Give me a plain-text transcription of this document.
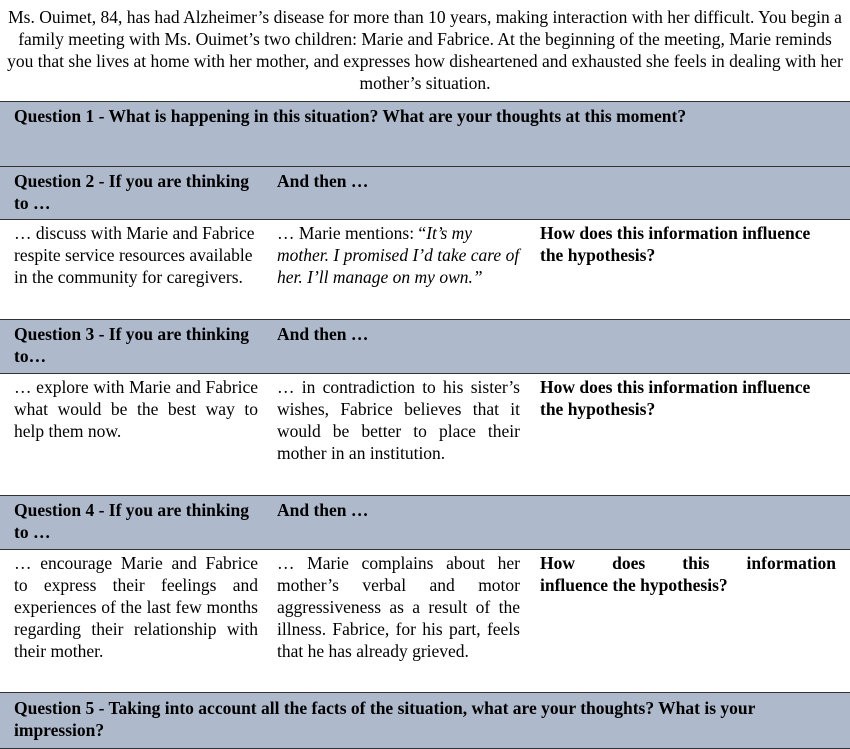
Ms. Ouimet, 84, has had Alzheimer’s disease for more than 10 years, making interaction with her difficult. You begin a family meeting with Ms. Ouimet’s two children: Marie and Fabrice. At the beginning of the meeting, Marie reminds you that she lives at home with her mother, and expresses how disheartened and exhausted she feels in dealing with her mother’s situation.
Question 1 - What is happening in this situation? What are your thoughts at this moment?
Question 2 - If you are thinking to …
And then …
… discuss with Marie and Fabrice respite service resources available in the community for caregivers.
… Marie mentions: “It’s my mother. I promised I’d take care of her. I’ll manage on my own.”
How does this information influence the hypothesis?
Question 3 - If you are thinking to…
And then …
… explore with Marie and Fabrice what would be the best way to help them now.
… in contradiction to his sister’s wishes, Fabrice believes that it would be better to place their mother in an institution.
How does this information influence the hypothesis?
Question 4 - If you are thinking to …
And then …
… encourage Marie and Fabrice to express their feelings and experiences of the last few months regarding their relationship with their mother.
… Marie complains about her mother’s verbal and motor aggressiveness as a result of the illness. Fabrice, for his part, feels that he has already grieved.
How does this information
influence the hypothesis?
Question 5 - Taking into account all the facts of the situation, what are your thoughts? What is your impression?
